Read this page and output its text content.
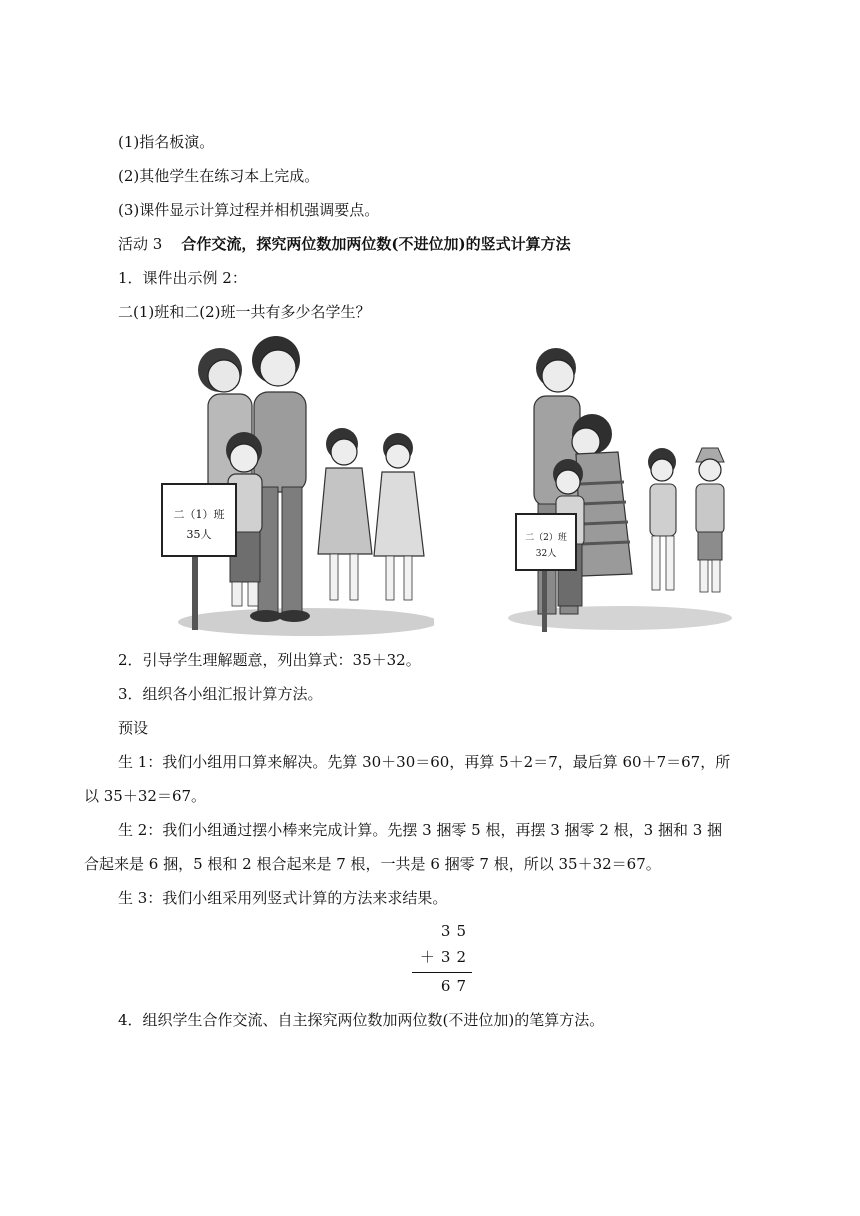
(1)指名板演。
(2)其他学生在练习本上完成。
(3)课件显示计算过程并相机强调要点。
活动 3 合作交流，探究两位数加两位数(不进位加)的竖式计算方法
1．课件出示例 2：
二(1)班和二(2)班一共有多少名学生？
二（1）班
35人	二（2）班
32人
2．引导学生理解题意，列出算式：35＋32。
3．组织各小组汇报计算方法。
预设
生 1：我们小组用口算来解决。先算 30＋30＝60，再算 5＋2＝7，最后算 60＋7＝67，所
以 35＋32＝67。
生 2：我们小组通过摆小棒来完成计算。先摆 3 捆零 5 根，再摆 3 捆零 2 根，3 捆和 3 捆
合起来是 6 捆，5 根和 2 根合起来是 7 根，一共是 6 捆零 7 根，所以 35＋32＝67。
生 3：我们小组采用列竖式计算的方法来求结果。
35
＋32
67
4．组织学生合作交流、自主探究两位数加两位数(不进位加)的笔算方法。
